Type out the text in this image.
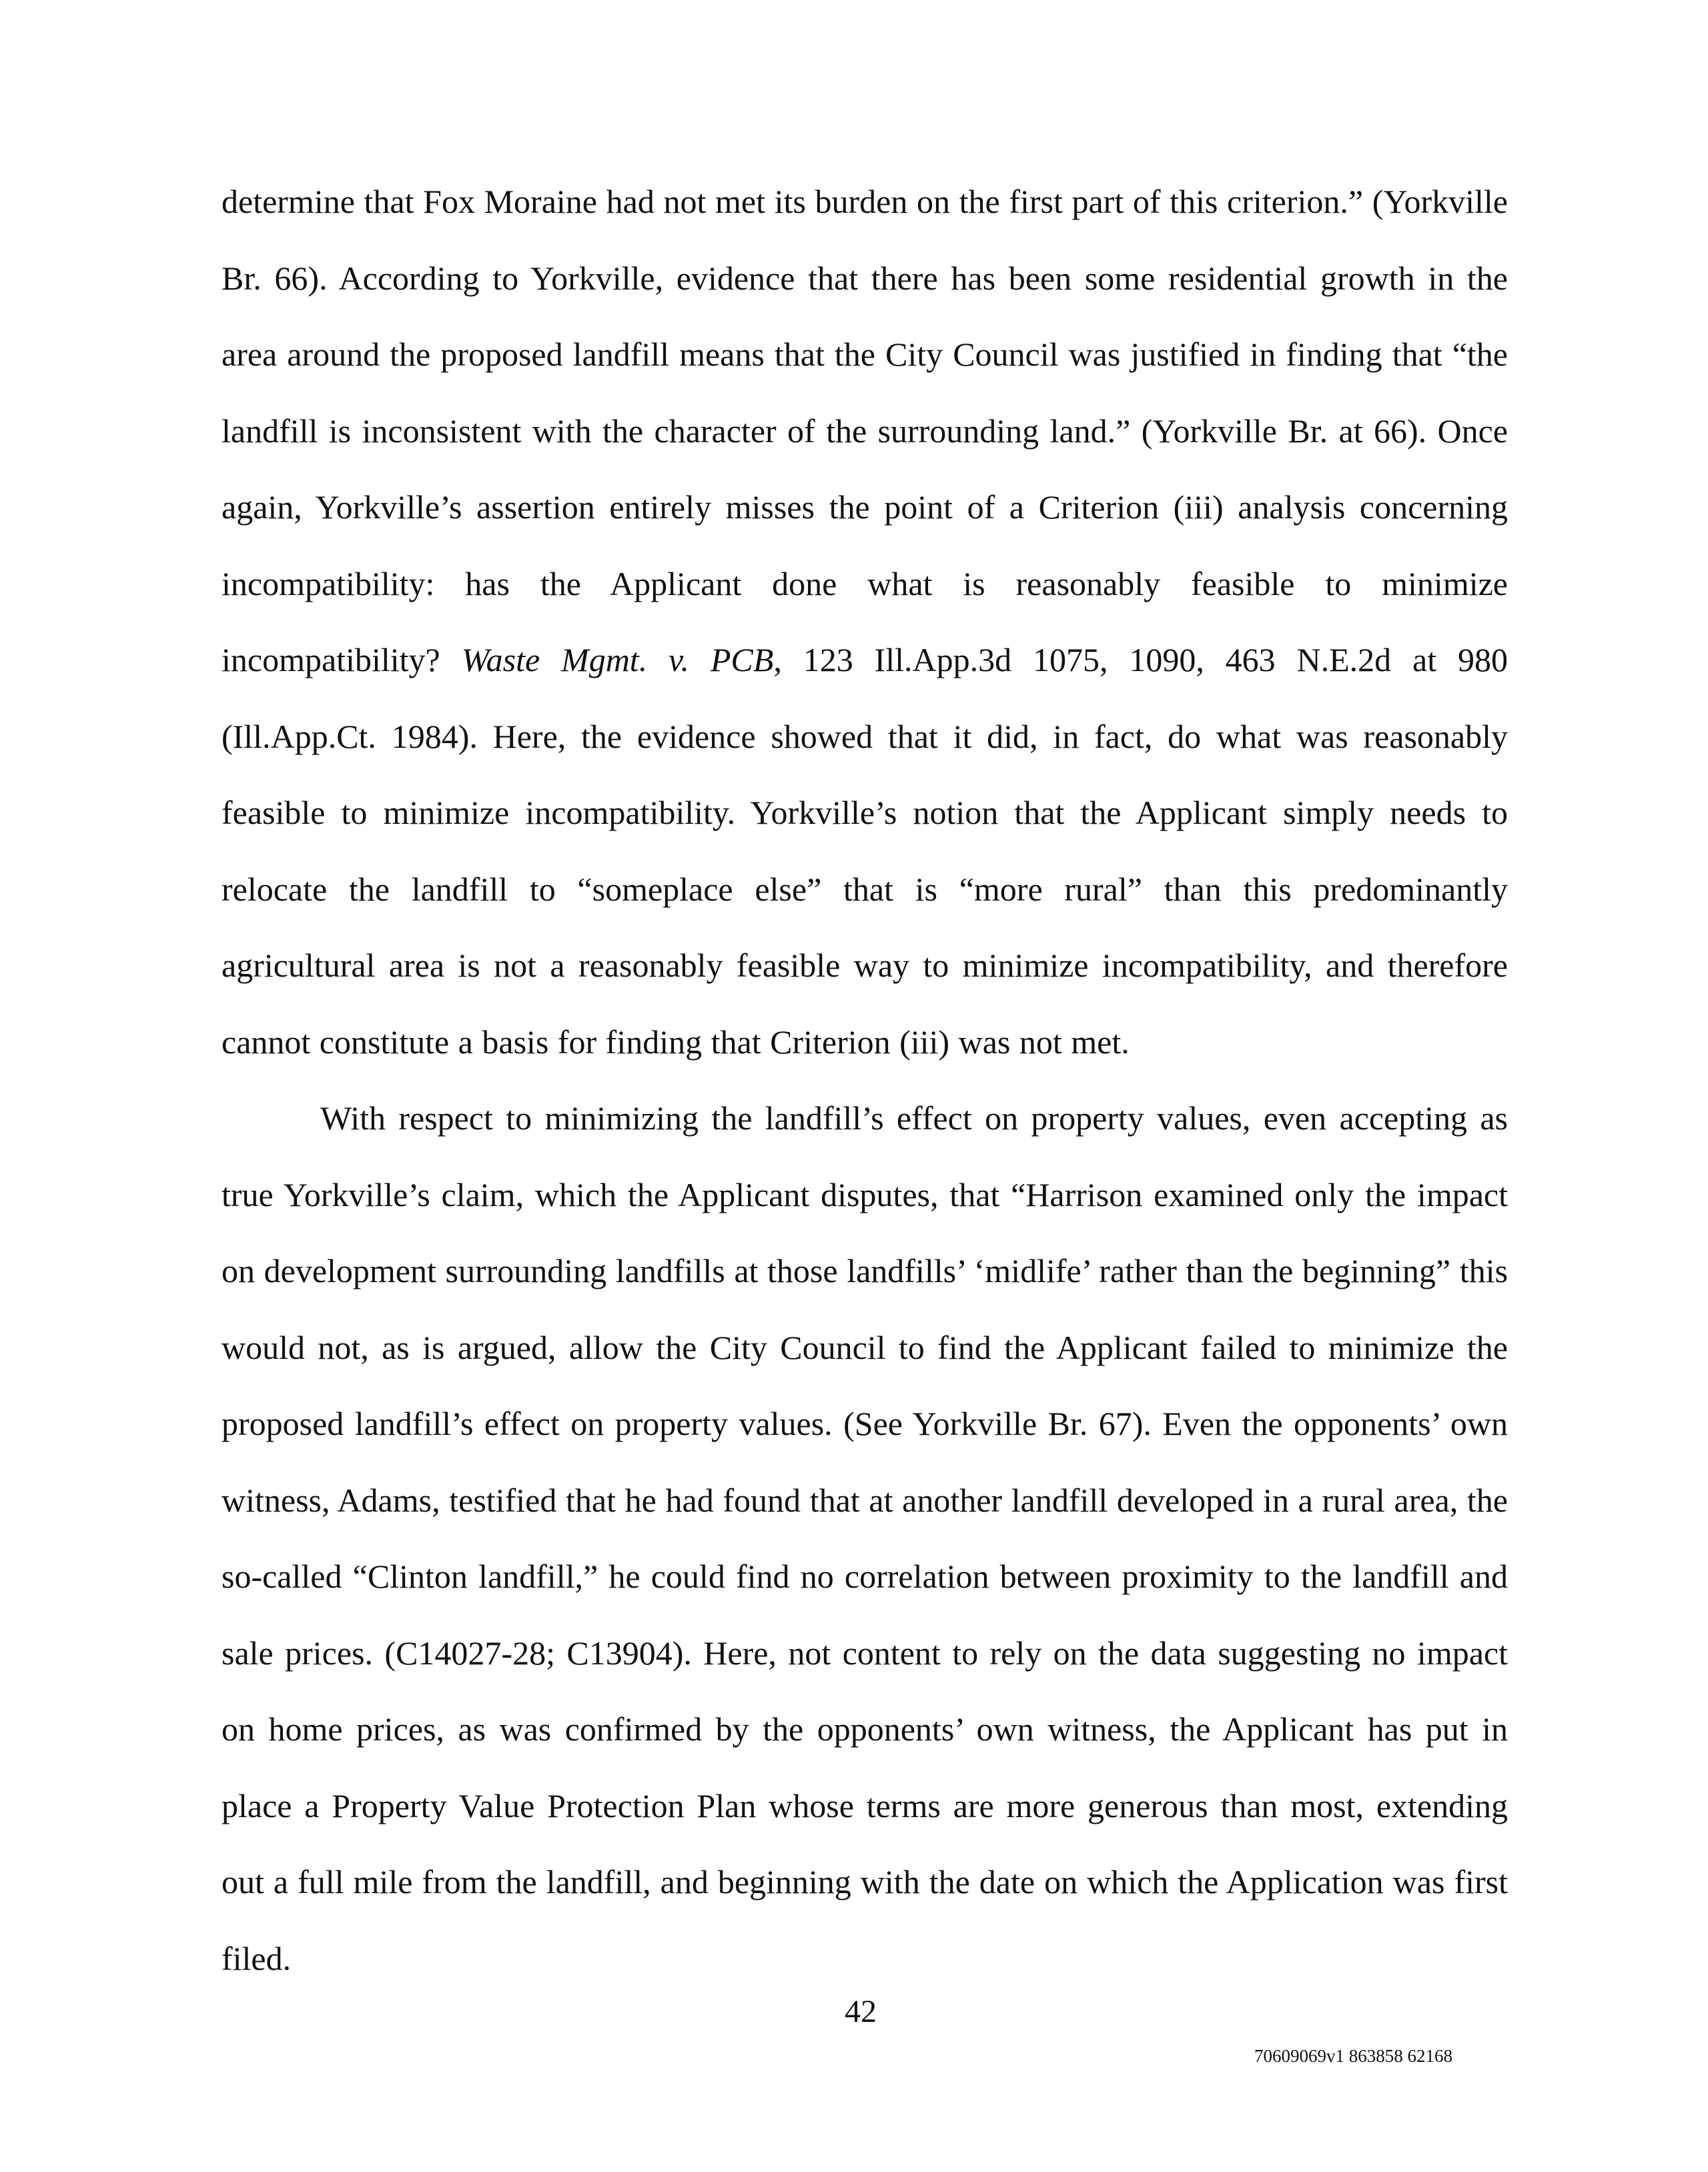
determine that Fox Moraine had not met its burden on the first part of this criterion.” (Yorkville Br. 66). According to Yorkville, evidence that there has been some residential growth in the area around the proposed landfill means that the City Council was justified in finding that “the landfill is inconsistent with the character of the surrounding land.” (Yorkville Br. at 66). Once again, Yorkville’s assertion entirely misses the point of a Criterion (iii) analysis concerning incompatibility: has the Applicant done what is reasonably feasible to minimize incompatibility? Waste Mgmt. v. PCB, 123 Ill.App.3d 1075, 1090, 463 N.E.2d at 980 (Ill.App.Ct. 1984). Here, the evidence showed that it did, in fact, do what was reasonably feasible to minimize incompatibility. Yorkville’s notion that the Applicant simply needs to relocate the landfill to “someplace else” that is “more rural” than this predominantly agricultural area is not a reasonably feasible way to minimize incompatibility, and therefore cannot constitute a basis for finding that Criterion (iii) was not met.

With respect to minimizing the landfill’s effect on property values, even accepting as true Yorkville’s claim, which the Applicant disputes, that “Harrison examined only the impact on development surrounding landfills at those landfills’ ‘midlife’ rather than the beginning” this would not, as is argued, allow the City Council to find the Applicant failed to minimize the proposed landfill’s effect on property values. (See Yorkville Br. 67). Even the opponents’ own witness, Adams, testified that he had found that at another landfill developed in a rural area, the so-called “Clinton landfill,” he could find no correlation between proximity to the landfill and sale prices. (C14027-28; C13904). Here, not content to rely on the data suggesting no impact on home prices, as was confirmed by the opponents’ own witness, the Applicant has put in place a Property Value Protection Plan whose terms are more generous than most, extending out a full mile from the landfill, and beginning with the date on which the Application was first filed.

42
70609069v1 863858 62168
